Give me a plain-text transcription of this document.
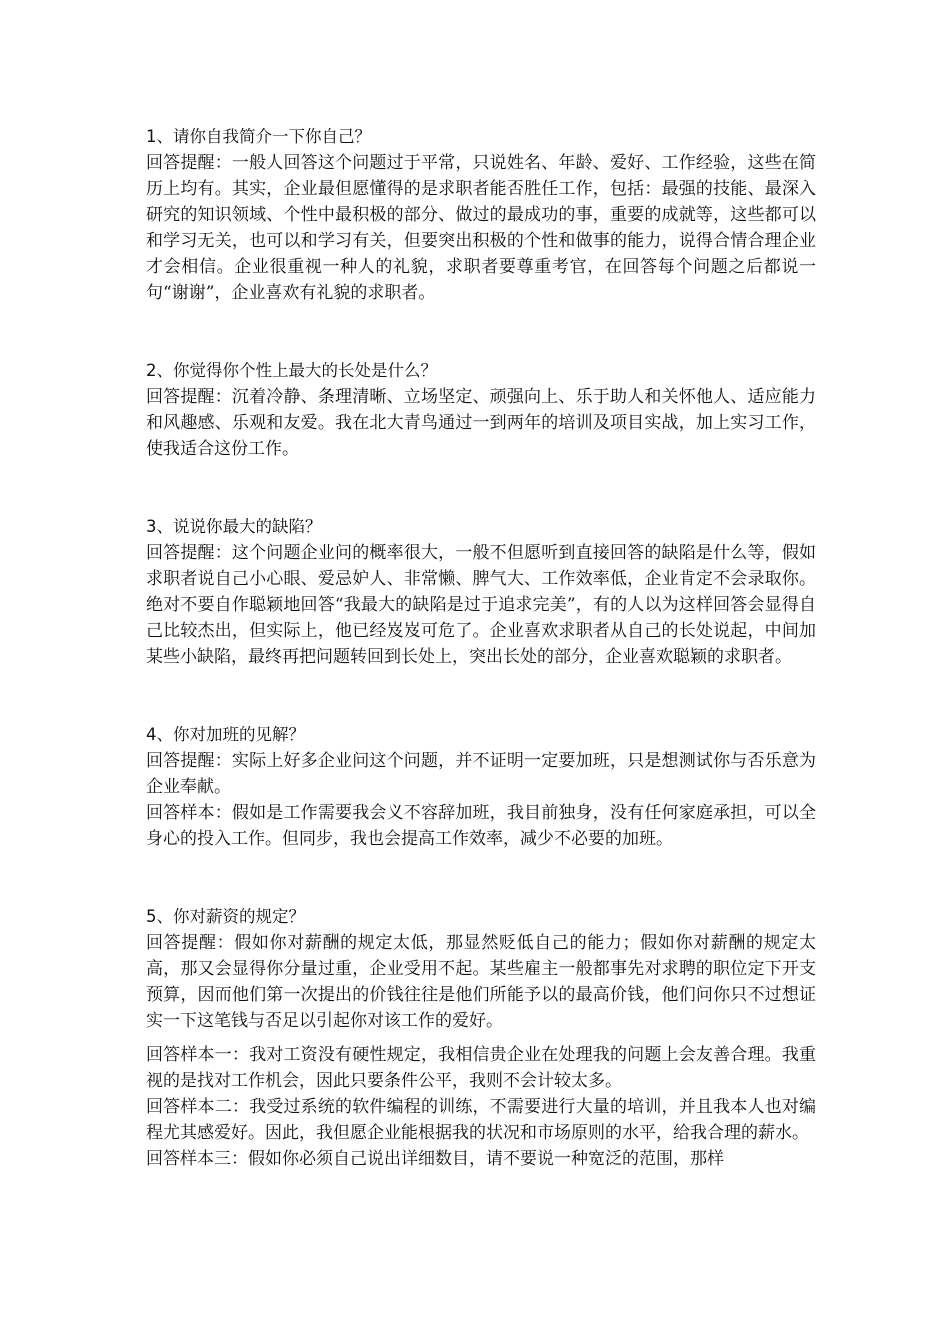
1、请你自我简介一下你自己？

回答提醒：一般人回答这个问题过于平常，只说姓名、年龄、爱好、工作经验，这些在简历上均有。其实，企业最但愿懂得的是求职者能否胜任工作，包括：最强的技能、最深入研究的知识领域、个性中最积极的部分、做过的最成功的事，重要的成就等，这些都可以和学习无关，也可以和学习有关，但要突出积极的个性和做事的能力，说得合情合理企业才会相信。企业很重视一种人的礼貌，求职者要尊重考官，在回答每个问题之后都说一句“谢谢”，企业喜欢有礼貌的求职者。

2、你觉得你个性上最大的长处是什么？

回答提醒：沉着冷静、条理清晰、立场坚定、顽强向上、乐于助人和关怀他人、适应能力和风趣感、乐观和友爱。我在北大青鸟通过一到两年的培训及项目实战，加上实习工作，使我适合这份工作。

3、说说你最大的缺陷？

回答提醒：这个问题企业问的概率很大，一般不但愿听到直接回答的缺陷是什么等，假如求职者说自己小心眼、爱忌妒人、非常懒、脾气大、工作效率低，企业肯定不会录取你。绝对不要自作聪颖地回答“我最大的缺陷是过于追求完美”，有的人以为这样回答会显得自己比较杰出，但实际上，他已经岌岌可危了。企业喜欢求职者从自己的长处说起，中间加某些小缺陷，最终再把问题转回到长处上，突出长处的部分，企业喜欢聪颖的求职者。

4、你对加班的见解？

回答提醒：实际上好多企业问这个问题，并不证明一定要加班，只是想测试你与否乐意为企业奉献。

回答样本：假如是工作需要我会义不容辞加班，我目前独身，没有任何家庭承担，可以全身心的投入工作。但同步，我也会提高工作效率，减少不必要的加班。

5、你对薪资的规定？

回答提醒：假如你对薪酬的规定太低，那显然贬低自己的能力；假如你对薪酬的规定太高，那又会显得你分量过重，企业受用不起。某些雇主一般都事先对求聘的职位定下开支预算，因而他们第一次提出的价钱往往是他们所能予以的最高价钱，他们问你只不过想证实一下这笔钱与否足以引起你对该工作的爱好。

回答样本一：我对工资没有硬性规定，我相信贵企业在处理我的问题上会友善合理。我重视的是找对工作机会，因此只要条件公平，我则不会计较太多。

回答样本二：我受过系统的软件编程的训练，不需要进行大量的培训，并且我本人也对编程尤其感爱好。因此，我但愿企业能根据我的状况和市场原则的水平，给我合理的薪水。

回答样本三：假如你必须自己说出详细数目，请不要说一种宽泛的范围，那样
